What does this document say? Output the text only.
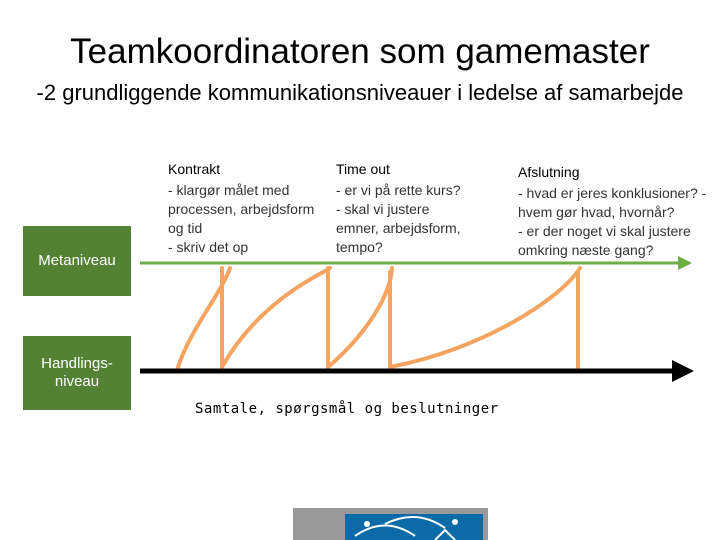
Teamkoordinatoren som gamemaster
-2 grundliggende kommunikationsniveauer i ledelse af samarbejde
Metaniveau
Handlings-
niveau
Kontrakt
- klargør målet med processen, arbejdsform og tid
- skriv det op
Time out
- er vi på rette kurs?
- skal vi justere emner, arbejdsform, tempo?
Afslutning
- hvad er jeres konklusioner? - hvem gør hvad, hvornår?
- er der noget vi skal justere omkring næste gang?
Samtale, spørgsmål og beslutninger
